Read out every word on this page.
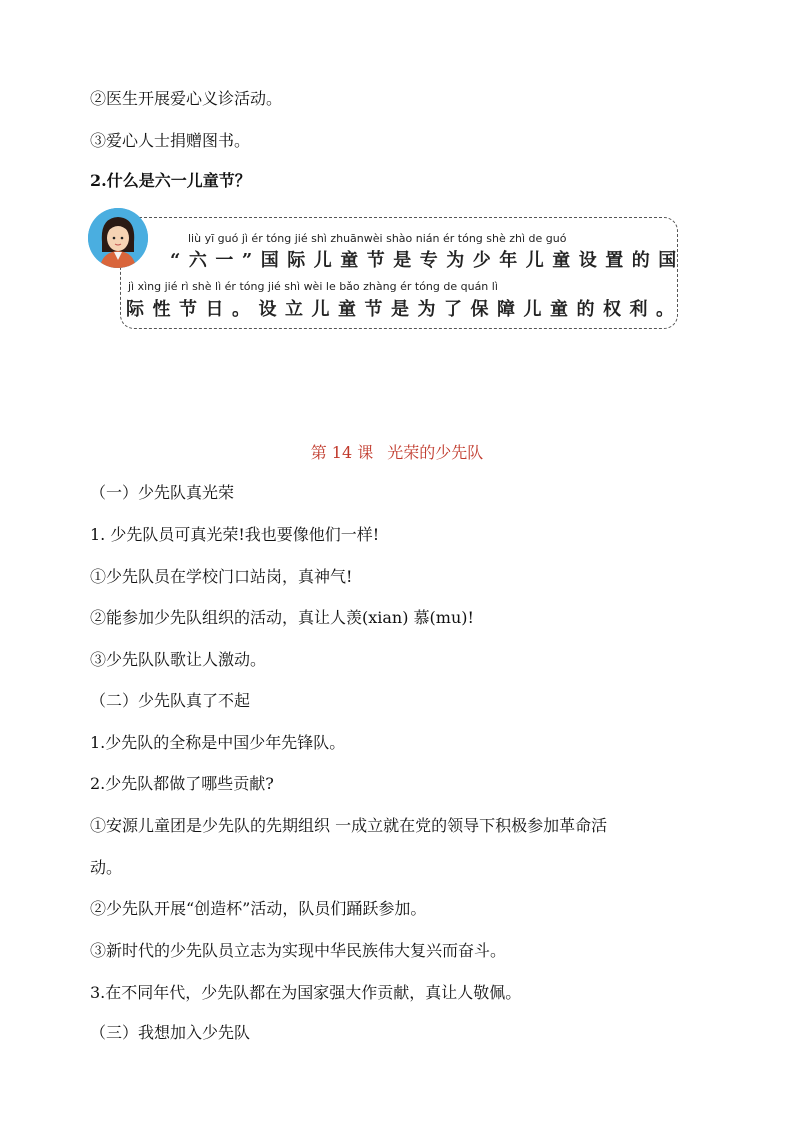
②医生开展爱心义诊活动。
③爱心人士捐赠图书。
2.什么是六一儿童节？
liù yī guó jì ér tóng jié shì zhuānwèi shào nián ér tóng shè zhì de guó
“六一”国际儿童节是专为少年儿童设置的国
jì xìng jié rì shè lì ér tóng jié shì wèi le bǎo zhàng ér tóng de quán lì
际性节日。设立儿童节是为了保障儿童的权利。
第 14 课 光荣的少先队
（一）少先队真光荣
1. 少先队员可真光荣!我也要像他们一样!
①少先队员在学校门口站岗，真神气!
②能参加少先队组织的活动，真让人羡(xian) 慕(mu)!
③少先队队歌让人激动。
（二）少先队真了不起
1.少先队的全称是中国少年先锋队。
2.少先队都做了哪些贡献?
①安源儿童团是少先队的先期组织 一成立就在党的领导下积极参加革命活
动。
②少先队开展“创造杯”活动，队员们踊跃参加。
③新时代的少先队员立志为实现中华民族伟大复兴而奋斗。
3.在不同年代，少先队都在为国家强大作贡献，真让人敬佩。
（三）我想加入少先队
